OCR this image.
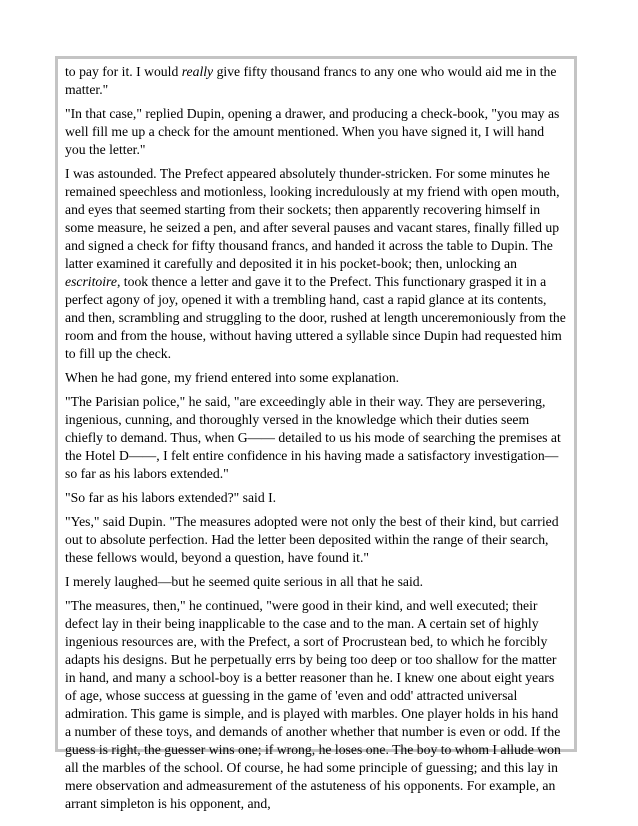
to pay for it. I would really give fifty thousand francs to any one who would aid me in the matter."

"In that case," replied Dupin, opening a drawer, and producing a check-book, "you may as well fill me up a check for the amount mentioned. When you have signed it, I will hand you the letter."

I was astounded. The Prefect appeared absolutely thunder-stricken. For some minutes he remained speechless and motionless, looking incredulously at my friend with open mouth, and eyes that seemed starting from their sockets; then apparently recovering himself in some measure, he seized a pen, and after several pauses and vacant stares, finally filled up and signed a check for fifty thousand francs, and handed it across the table to Dupin. The latter examined it carefully and deposited it in his pocket-book; then, unlocking an escritoire, took thence a letter and gave it to the Prefect. This functionary grasped it in a perfect agony of joy, opened it with a trembling hand, cast a rapid glance at its contents, and then, scrambling and struggling to the door, rushed at length unceremoniously from the room and from the house, without having uttered a syllable since Dupin had requested him to fill up the check.

When he had gone, my friend entered into some explanation.

"The Parisian police," he said, "are exceedingly able in their way. They are persevering, ingenious, cunning, and thoroughly versed in the knowledge which their duties seem chiefly to demand. Thus, when G—— detailed to us his mode of searching the premises at the Hotel D——, I felt entire confidence in his having made a satisfactory investigation—so far as his labors extended."

"So far as his labors extended?" said I.

"Yes," said Dupin. "The measures adopted were not only the best of their kind, but carried out to absolute perfection. Had the letter been deposited within the range of their search, these fellows would, beyond a question, have found it."

I merely laughed—but he seemed quite serious in all that he said.

"The measures, then," he continued, "were good in their kind, and well executed; their defect lay in their being inapplicable to the case and to the man. A certain set of highly ingenious resources are, with the Prefect, a sort of Procrustean bed, to which he forcibly adapts his designs. But he perpetually errs by being too deep or too shallow for the matter in hand, and many a school-boy is a better reasoner than he. I knew one about eight years of age, whose success at guessing in the game of 'even and odd' attracted universal admiration. This game is simple, and is played with marbles. One player holds in his hand a number of these toys, and demands of another whether that number is even or odd. If the guess is right, the guesser wins one; if wrong, he loses one. The boy to whom I allude won all the marbles of the school. Of course, he had some principle of guessing; and this lay in mere observation and admeasurement of the astuteness of his opponents. For example, an arrant simpleton is his opponent, and,
